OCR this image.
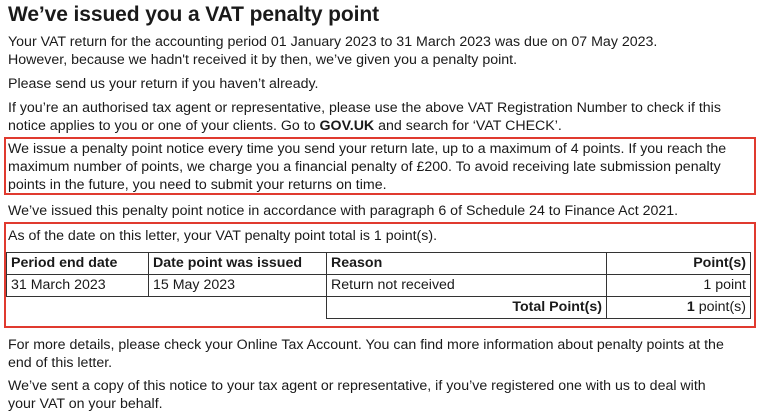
We’ve issued you a VAT penalty point

Your VAT return for the accounting period 01 January 2023 to 31 March 2023 was due on 07 May 2023.
However, because we hadn't received it by then, we’ve given you a penalty point.

Please send us your return if you haven’t already.

If you’re an authorised tax agent or representative, please use the above VAT Registration Number to check if this
notice applies to you or one of your clients. Go to GOV.UK and search for ‘VAT CHECK’.

We issue a penalty point notice every time you send your return late, up to a maximum of 4 points. If you reach the
maximum number of points, we charge you a financial penalty of £200. To avoid receiving late submission penalty
points in the future, you need to submit your returns on time.

We’ve issued this penalty point notice in accordance with paragraph 6 of Schedule 24 to Finance Act 2021.

As of the date on this letter, your VAT penalty point total is 1 point(s).

Period end date	Date point was issued	Reason	Point(s)
31 March 2023	15 May 2023	Return not received	1 point
		Total Point(s)	1 point(s)

For more details, please check your Online Tax Account. You can find more information about penalty points at the
end of this letter.

We’ve sent a copy of this notice to your tax agent or representative, if you’ve registered one with us to deal with
your VAT on your behalf.
